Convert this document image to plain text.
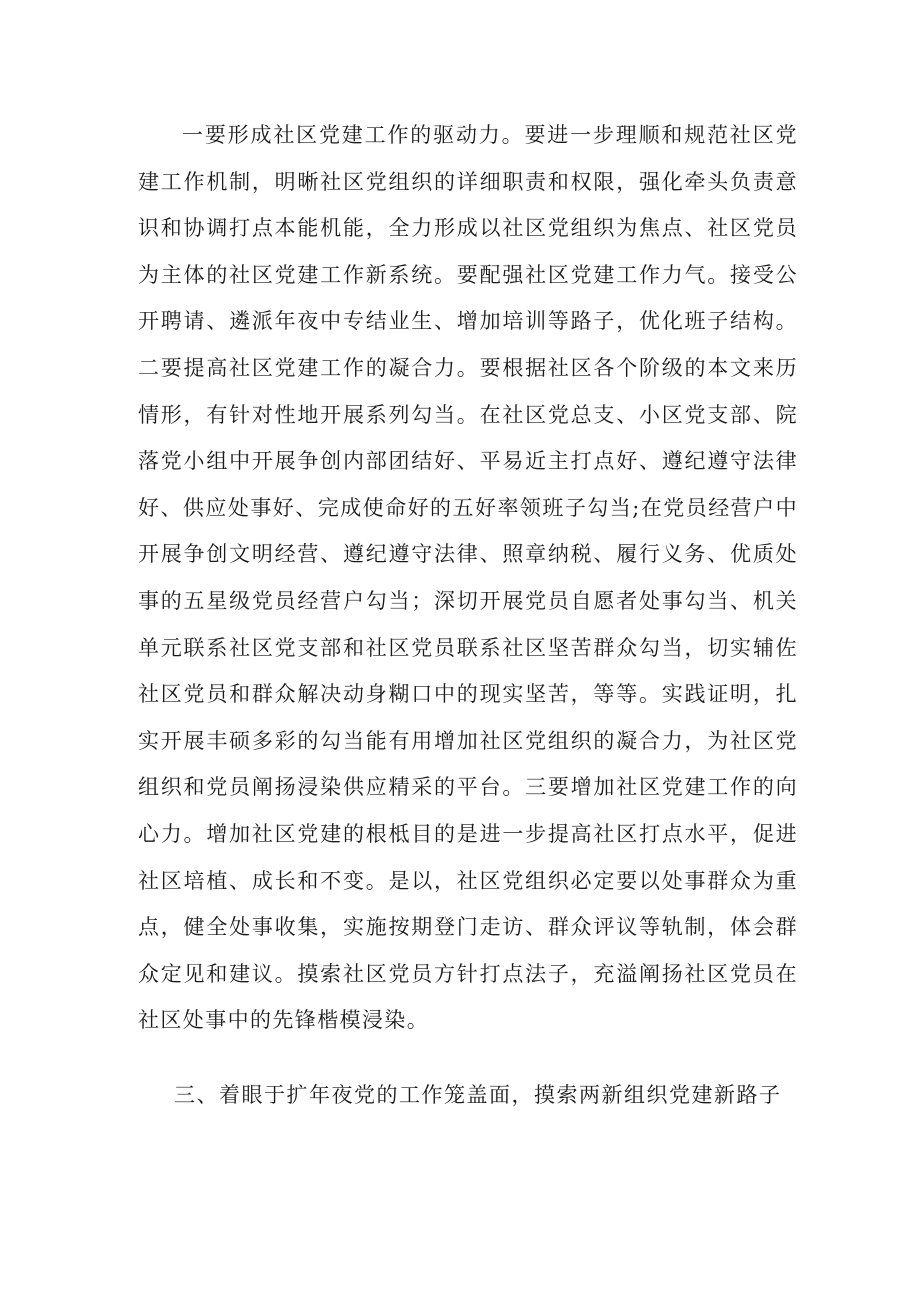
一要形成社区党建工作的驱动力。要进一步理顺和规范社区党建工作机制，明晰社区党组织的详细职责和权限，强化牵头负责意识和协调打点本能机能，全力形成以社区党组织为焦点、社区党员为主体的社区党建工作新系统。要配强社区党建工作力气。接受公开聘请、遴派年夜中专结业生、增加培训等路子，优化班子结构。二要提高社区党建工作的凝合力。要根据社区各个阶级的本文来历情形，有针对性地开展系列勾当。在社区党总支、小区党支部、院落党小组中开展争创内部团结好、平易近主打点好、遵纪遵守法律好、供应处事好、完成使命好的五好率领班子勾当;在党员经营户中开展争创文明经营、遵纪遵守法律、照章纳税、履行义务、优质处事的五星级党员经营户勾当；深切开展党员自愿者处事勾当、机关单元联系社区党支部和社区党员联系社区坚苦群众勾当，切实辅佐社区党员和群众解决动身糊口中的现实坚苦，等等。实践证明，扎实开展丰硕多彩的勾当能有用增加社区党组织的凝合力，为社区党组织和党员阐扬浸染供应精采的平台。三要增加社区党建工作的向心力。增加社区党建的根柢目的是进一步提高社区打点水平，促进社区培植、成长和不变。是以，社区党组织必定要以处事群众为重点，健全处事收集，实施按期登门走访、群众评议等轨制，体会群众定见和建议。摸索社区党员方针打点法子，充溢阐扬社区党员在社区处事中的先锋楷模浸染。

三、着眼于扩年夜党的工作笼盖面，摸索两新组织党建新路子
